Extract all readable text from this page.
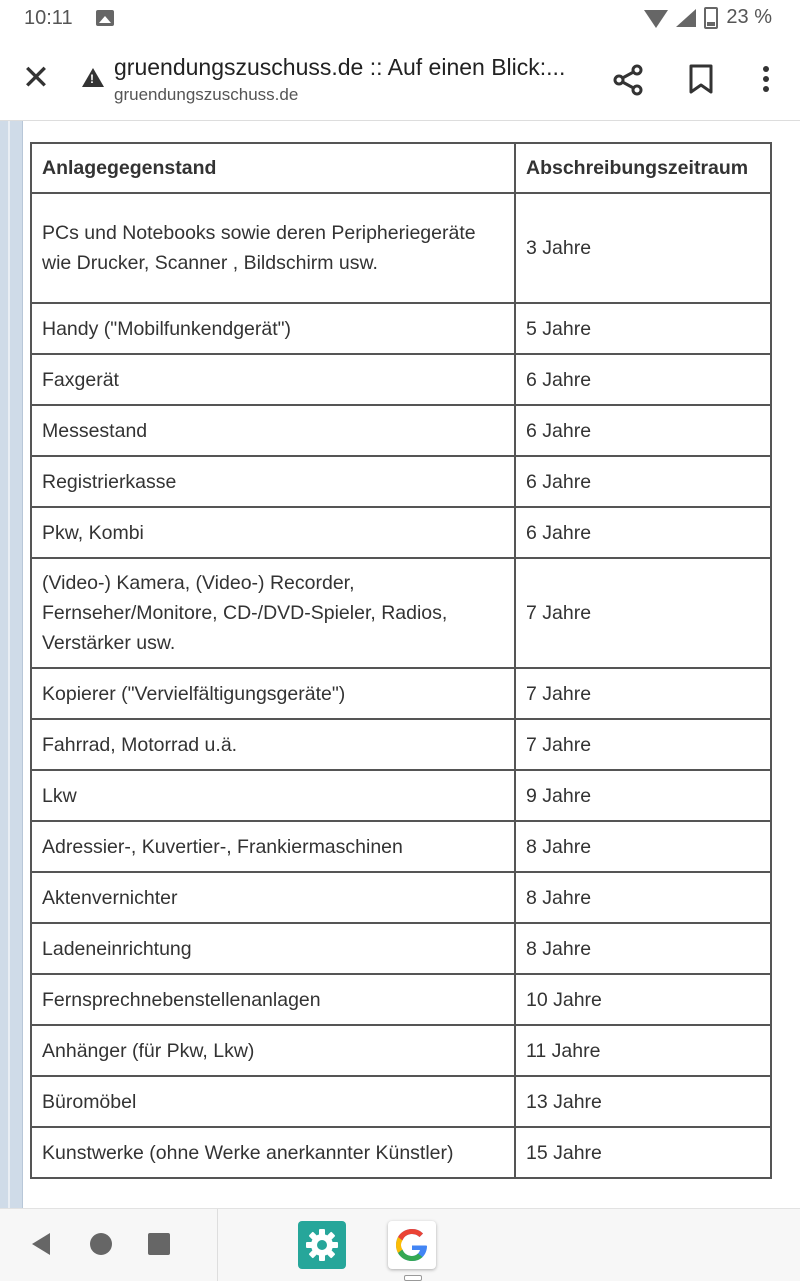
10:11	23 %
✕ !	gruendungszuschuss.de :: Auf einen Blick:...
gruendungszuschuss.de
Anlagegegenstand	Abschreibungszeitraum
PCs und Notebooks sowie deren Peripheriegeräte wie Drucker, Scanner , Bildschirm usw.	3 Jahre
Handy ("Mobilfunkendgerät")	5 Jahre
Faxgerät	6 Jahre
Messestand	6 Jahre
Registrierkasse	6 Jahre
Pkw, Kombi	6 Jahre
(Video-) Kamera, (Video-) Recorder, Fernseher/Monitore, CD-/DVD-Spieler, Radios, Verstärker usw.	7 Jahre
Kopierer ("Vervielfältigungsgeräte")	7 Jahre
Fahrrad, Motorrad u.ä.	7 Jahre
Lkw	9 Jahre
Adressier-, Kuvertier-, Frankiermaschinen	8 Jahre
Aktenvernichter	8 Jahre
Ladeneinrichtung	8 Jahre
Fernsprechnebenstellenanlagen	10 Jahre
Anhänger (für Pkw, Lkw)	11 Jahre
Büromöbel	13 Jahre
Kunstwerke (ohne Werke anerkannter Künstler)	15 Jahre
